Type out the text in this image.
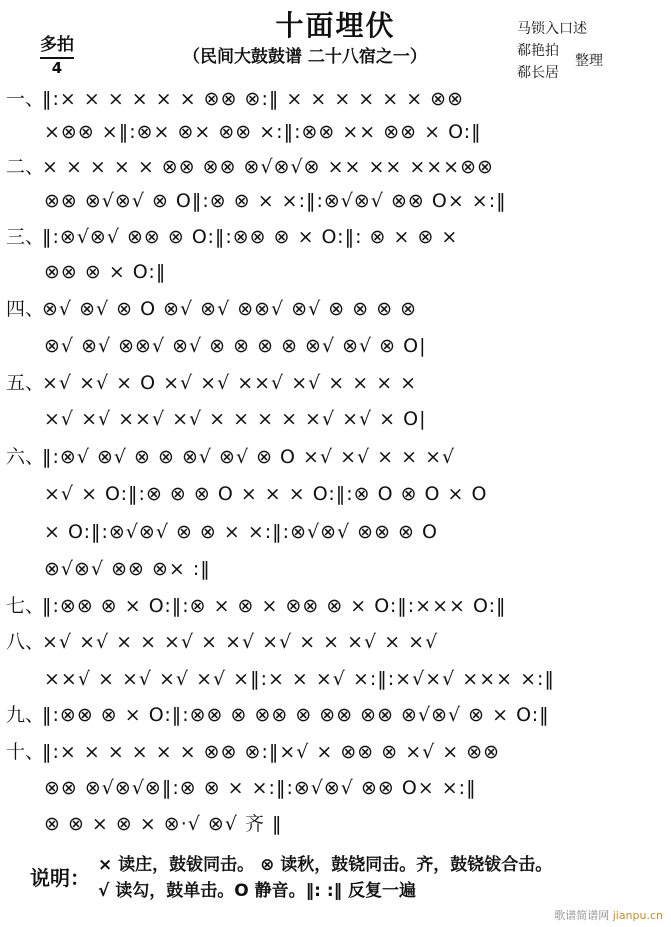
十面埋伏
多拍
4
（民间大鼓鼓谱 二十八宿之一）
马锁入口述
郗艳拍
郗长居
整理
一、‖:× × × × × × ⊗⊗ ⊗:‖ × × × × × × ⊗⊗
×⊗⊗ ×‖:⊗× ⊗× ⊗⊗ ×:‖:⊗⊗ ×× ⊗⊗ × O:‖
二、× × × × × ⊗⊗ ⊗⊗ ⊗√⊗√⊗ ×× ×× ×××⊗⊗
⊗⊗ ⊗√⊗√ ⊗ O‖:⊗ ⊗ × ×:‖:⊗√⊗√ ⊗⊗ O× ×:‖
三、‖:⊗√⊗√ ⊗⊗ ⊗ O:‖:⊗⊗ ⊗ × O:‖: ⊗ × ⊗ ×
⊗⊗ ⊗ × O:‖
四、⊗√ ⊗√ ⊗ O ⊗√ ⊗√ ⊗⊗√ ⊗√ ⊗ ⊗ ⊗ ⊗
⊗√ ⊗√ ⊗⊗√ ⊗√ ⊗ ⊗ ⊗ ⊗ ⊗√ ⊗√ ⊗ O|
五、×√ ×√ × O ×√ ×√ ××√ ×√ × × × ×
×√ ×√ ××√ ×√ × × × × ×√ ×√ × O|
六、‖:⊗√ ⊗√ ⊗ ⊗ ⊗√ ⊗√ ⊗ O ×√ ×√ × × ×√
×√ × O:‖:⊗ ⊗ ⊗ O × × × O:‖:⊗ O ⊗ O × O
× O:‖:⊗√⊗√ ⊗ ⊗ × ×:‖:⊗√⊗√ ⊗⊗ ⊗ O
⊗√⊗√ ⊗⊗ ⊗× :‖
七、‖:⊗⊗ ⊗ × O:‖:⊗ × ⊗ × ⊗⊗ ⊗ × O:‖:××× O:‖
八、×√ ×√ × × ×√ × ×√ ×√ × × ×√ × ×√
××√ × ×√ ×√ ×√ ×‖:× × ×√ ×:‖:×√×√ ××× ×:‖
九、‖:⊗⊗ ⊗ × O:‖:⊗⊗ ⊗ ⊗⊗ ⊗ ⊗⊗ ⊗⊗ ⊗√⊗√ ⊗ × O:‖
十、‖:× × × × × × ⊗⊗ ⊗:‖×√ × ⊗⊗ ⊗ ×√ × ⊗⊗
⊗⊗ ⊗√⊗√⊗‖:⊗ ⊗ × ×:‖:⊗√⊗√ ⊗⊗ O× ×:‖
⊗ ⊗ × ⊗ × ⊗·√ ⊗√ 齐 ‖
说明：
× 读庄，鼓钹同击。 ⊗ 读秋，鼓铙同击。齐，鼓铙钹合击。
√ 读勾，鼓单击。O 静音。‖: :‖ 反复一遍
歌谱简谱网 jianpu.cn
